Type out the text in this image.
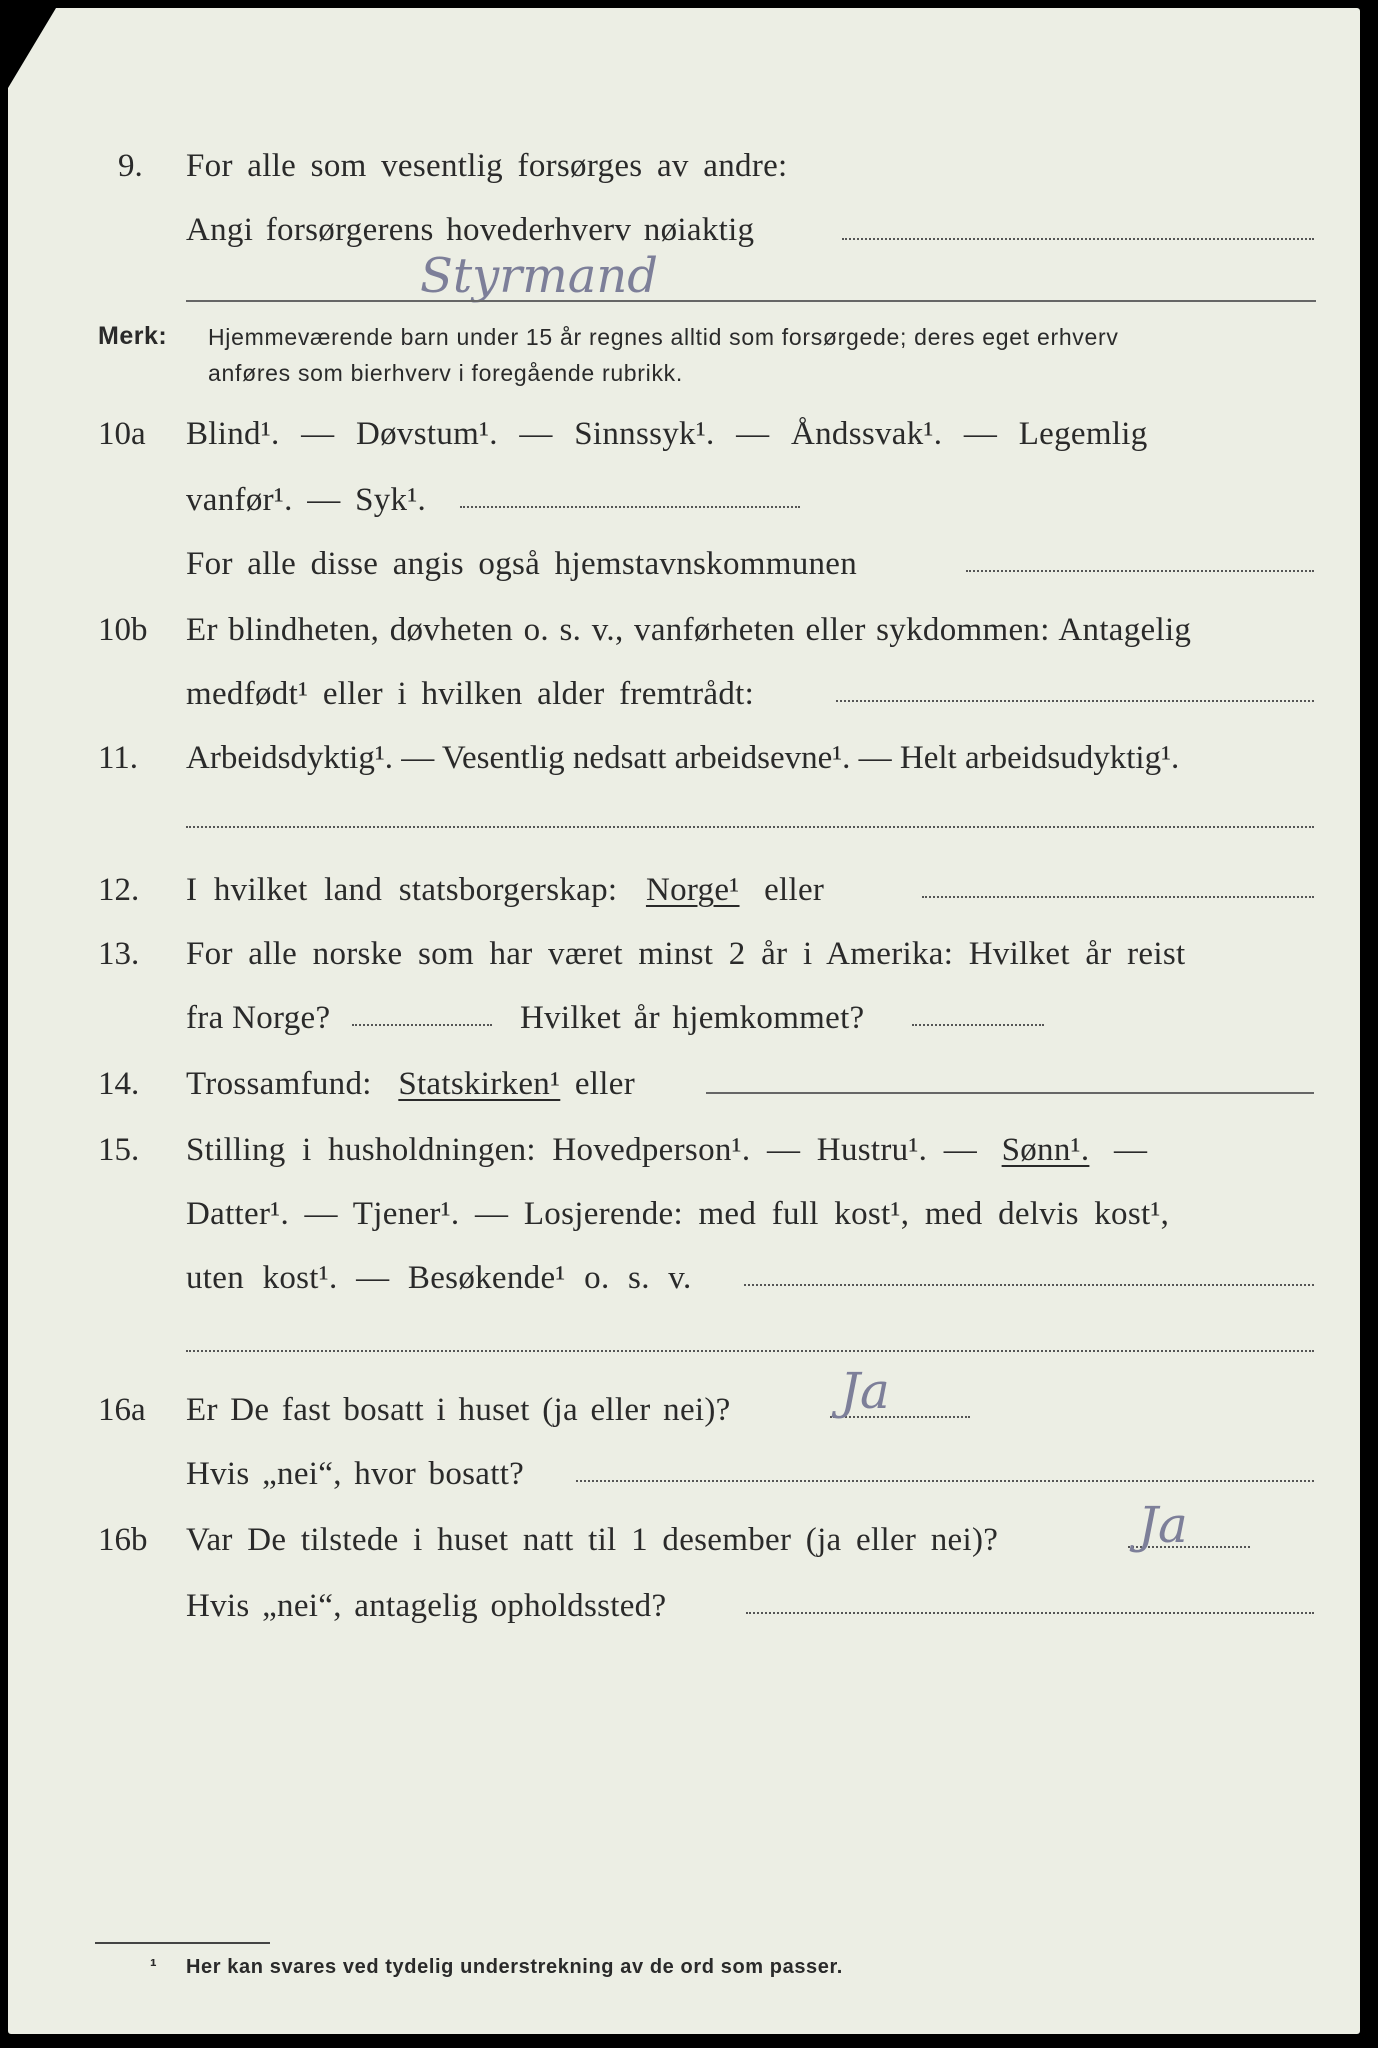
9. For alle som vesentlig forsørges av andre:
Angi forsørgerens hovederhverv nøiaktig
Styrmand
Merk: Hjemmeværende barn under 15 år regnes alltid som forsørgede; deres eget erhverv
anføres som bierhverv i foregående rubrikk.
10a Blind¹. — Døvstum¹. — Sinnssyk¹. — Åndssvak¹. — Legemlig
vanfør¹. — Syk¹.
For alle disse angis også hjemstavnskommunen
10b Er blindheten, døvheten o. s. v., vanførheten eller sykdommen: Antagelig
medfødt¹ eller i hvilken alder fremtrådt:
11. Arbeidsdyktig¹. — Vesentlig nedsatt arbeidsevne¹. — Helt arbeidsudyktig¹.
12. I hvilket land statsborgerskap: Norge¹ eller
13. For alle norske som har været minst 2 år i Amerika: Hvilket år reist
fra Norge?	Hvilket år hjemkommet?
14. Trossamfund: Statskirken¹ eller
15. Stilling i husholdningen: Hovedperson¹. — Hustru¹. — Sønn¹. —
Datter¹. — Tjener¹. — Losjerende: med full kost¹, med delvis kost¹,
uten kost¹. — Besøkende¹ o. s. v.
16a Er De fast bosatt i huset (ja eller nei)? Ja
Hvis „nei“, hvor bosatt?
16b Var De tilstede i huset natt til 1 desember (ja eller nei)?	Ja
Hvis „nei“, antagelig opholdssted?
¹ Her kan svares ved tydelig understrekning av de ord som passer.
